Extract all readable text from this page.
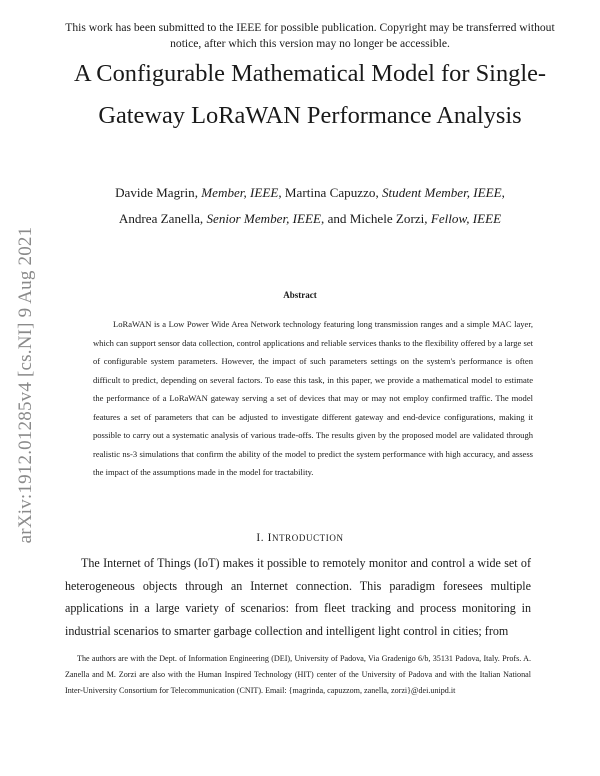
arXiv:1912.01285v4 [cs.NI] 9 Aug 2021
This work has been submitted to the IEEE for possible publication. Copyright may be transferred without notice, after which this version may no longer be accessible.
A Configurable Mathematical Model for Single-Gateway LoRaWAN Performance Analysis
Davide Magrin, Member, IEEE, Martina Capuzzo, Student Member, IEEE,
Andrea Zanella, Senior Member, IEEE, and Michele Zorzi, Fellow, IEEE
Abstract
LoRaWAN is a Low Power Wide Area Network technology featuring long transmission ranges and a simple MAC layer, which can support sensor data collection, control applications and reliable services thanks to the flexibility offered by a large set of configurable system parameters. However, the impact of such parameters settings on the system's performance is often difficult to predict, depending on several factors. To ease this task, in this paper, we provide a mathematical model to estimate the performance of a LoRaWAN gateway serving a set of devices that may or may not employ confirmed traffic. The model features a set of parameters that can be adjusted to investigate different gateway and end-device configurations, making it possible to carry out a systematic analysis of various trade-offs. The results given by the proposed model are validated through realistic ns-3 simulations that confirm the ability of the model to predict the system performance with high accuracy, and assess the impact of the assumptions made in the model for tractability.
I. INTRODUCTION
The Internet of Things (IoT) makes it possible to remotely monitor and control a wide set of heterogeneous objects through an Internet connection. This paradigm foresees multiple applications in a large variety of scenarios: from fleet tracking and process monitoring in industrial scenarios to smarter garbage collection and intelligent light control in cities; from
The authors are with the Dept. of Information Engineering (DEI), University of Padova, Via Gradenigo 6/b, 35131 Padova, Italy. Profs. A. Zanella and M. Zorzi are also with the Human Inspired Technology (HIT) center of the University of Padova and with the Italian National Inter-University Consortium for Telecommunication (CNIT). Email: {magrinda, capuzzom, zanella, zorzi}@dei.unipd.it
